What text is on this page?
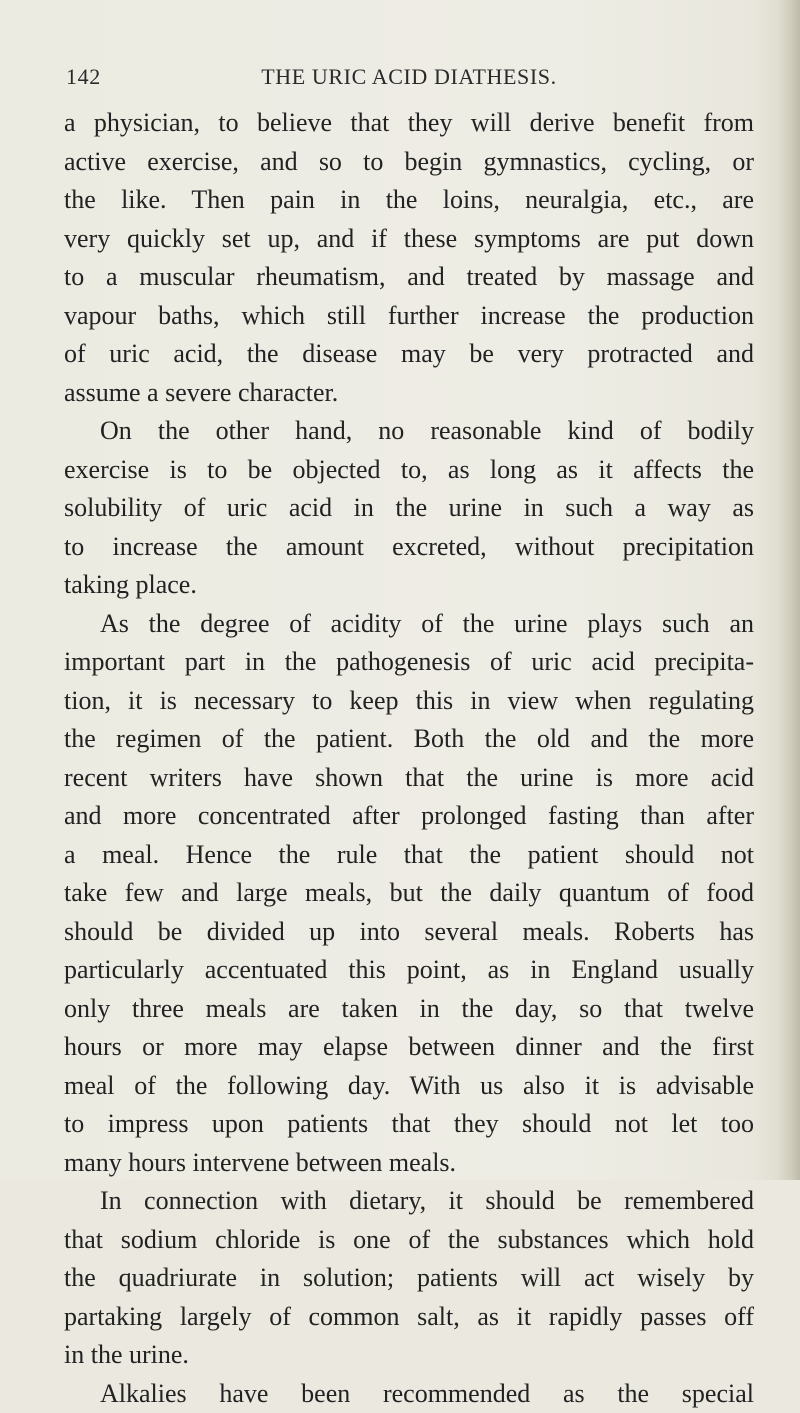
142	THE URIC ACID DIATHESIS.
a physician, to believe that they will derive benefit from
active exercise, and so to begin gymnastics, cycling, or
the like. Then pain in the loins, neuralgia, etc., are
very quickly set up, and if these symptoms are put down
to a muscular rheumatism, and treated by massage and
vapour baths, which still further increase the production
of uric acid, the disease may be very protracted and
assume a severe character.
On the other hand, no reasonable kind of bodily
exercise is to be objected to, as long as it affects the
solubility of uric acid in the urine in such a way as
to increase the amount excreted, without precipitation
taking place.
As the degree of acidity of the urine plays such an
important part in the pathogenesis of uric acid precipita-
tion, it is necessary to keep this in view when regulating
the regimen of the patient. Both the old and the more
recent writers have shown that the urine is more acid
and more concentrated after prolonged fasting than after
a meal. Hence the rule that the patient should not
take few and large meals, but the daily quantum of food
should be divided up into several meals. Roberts has
particularly accentuated this point, as in England usually
only three meals are taken in the day, so that twelve
hours or more may elapse between dinner and the first
meal of the following day. With us also it is advisable
to impress upon patients that they should not let too
many hours intervene between meals.
In connection with dietary, it should be remembered
that sodium chloride is one of the substances which hold
the quadriurate in solution; patients will act wisely by
partaking largely of common salt, as it rapidly passes off
in the urine.
Alkalies have been recommended as the special
